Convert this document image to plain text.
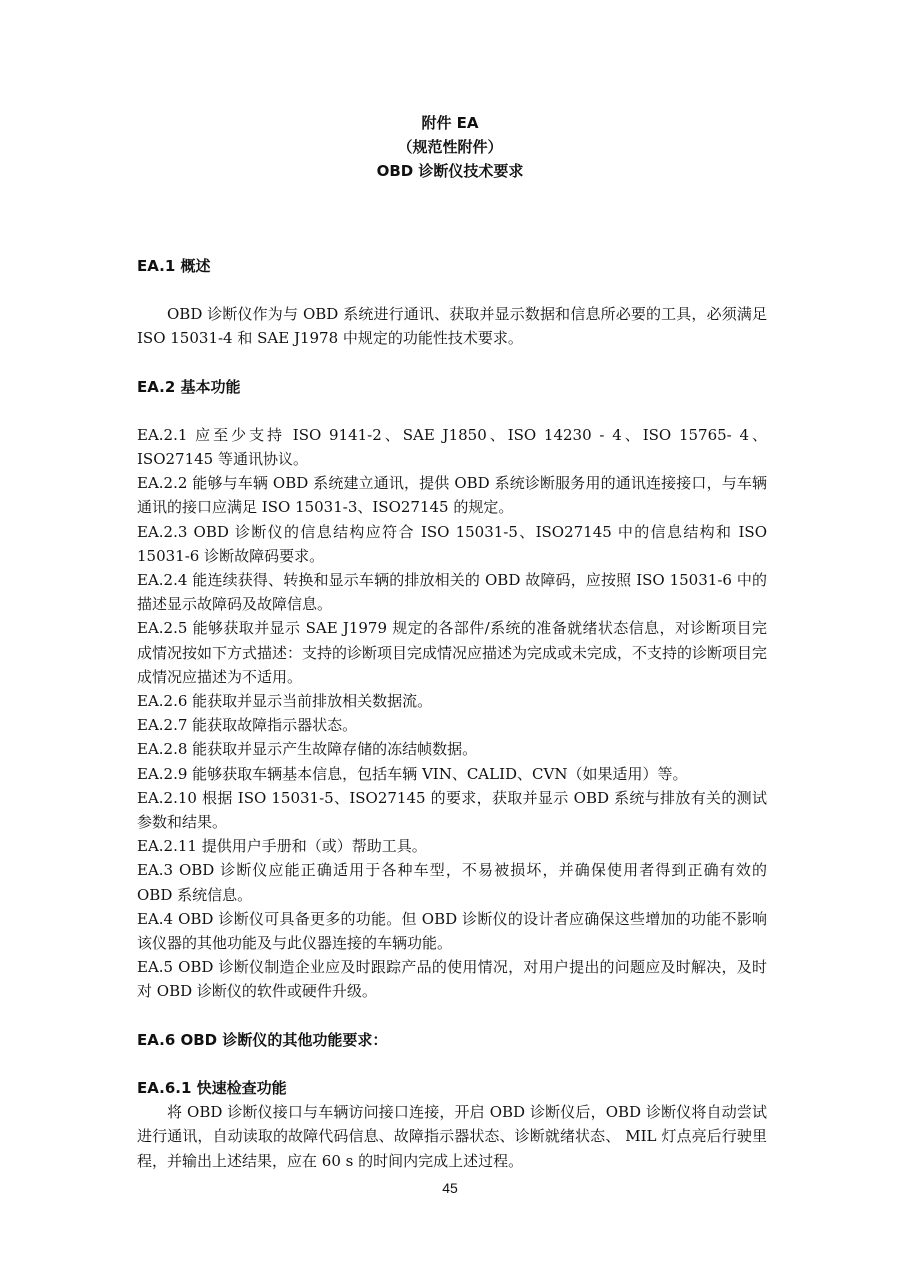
附件 EA
（规范性附件）
OBD 诊断仪技术要求

EA.1 概述

OBD 诊断仪作为与 OBD 系统进行通讯、获取并显示数据和信息所必要的工具，必须满足 ISO 15031-4 和 SAE J1978 中规定的功能性技术要求。

EA.2 基本功能

EA.2.1 应至少支持 ISO 9141-2、SAE J1850、ISO 14230 - 4、ISO 15765- 4、ISO27145 等通讯协议。

EA.2.2 能够与车辆 OBD 系统建立通讯，提供 OBD 系统诊断服务用的通讯连接接口，与车辆通讯的接口应满足 ISO 15031-3、ISO27145 的规定。

EA.2.3 OBD 诊断仪的信息结构应符合 ISO 15031-5、ISO27145 中的信息结构和 ISO 15031-6 诊断故障码要求。

EA.2.4 能连续获得、转换和显示车辆的排放相关的 OBD 故障码，应按照 ISO 15031-6 中的描述显示故障码及故障信息。

EA.2.5 能够获取并显示 SAE J1979 规定的各部件/系统的准备就绪状态信息，对诊断项目完成情况按如下方式描述：支持的诊断项目完成情况应描述为完成或未完成，不支持的诊断项目完成情况应描述为不适用。

EA.2.6 能获取并显示当前排放相关数据流。

EA.2.7 能获取故障指示器状态。

EA.2.8 能获取并显示产生故障存储的冻结帧数据。

EA.2.9 能够获取车辆基本信息，包括车辆 VIN、CALID、CVN（如果适用）等。

EA.2.10 根据 ISO 15031-5、ISO27145 的要求，获取并显示 OBD 系统与排放有关的测试参数和结果。

EA.2.11 提供用户手册和（或）帮助工具。

EA.3 OBD 诊断仪应能正确适用于各种车型，不易被损坏，并确保使用者得到正确有效的 OBD 系统信息。

EA.4 OBD 诊断仪可具备更多的功能。但 OBD 诊断仪的设计者应确保这些增加的功能不影响该仪器的其他功能及与此仪器连接的车辆功能。

EA.5 OBD 诊断仪制造企业应及时跟踪产品的使用情况，对用户提出的问题应及时解决，及时对 OBD 诊断仪的软件或硬件升级。

EA.6 OBD 诊断仪的其他功能要求：

EA.6.1 快速检查功能

将 OBD 诊断仪接口与车辆访问接口连接，开启 OBD 诊断仪后，OBD 诊断仪将自动尝试进行通讯，自动读取的故障代码信息、故障指示器状态、诊断就绪状态、 MIL 灯点亮后行驶里程，并输出上述结果，应在 60 s 的时间内完成上述过程。

45
